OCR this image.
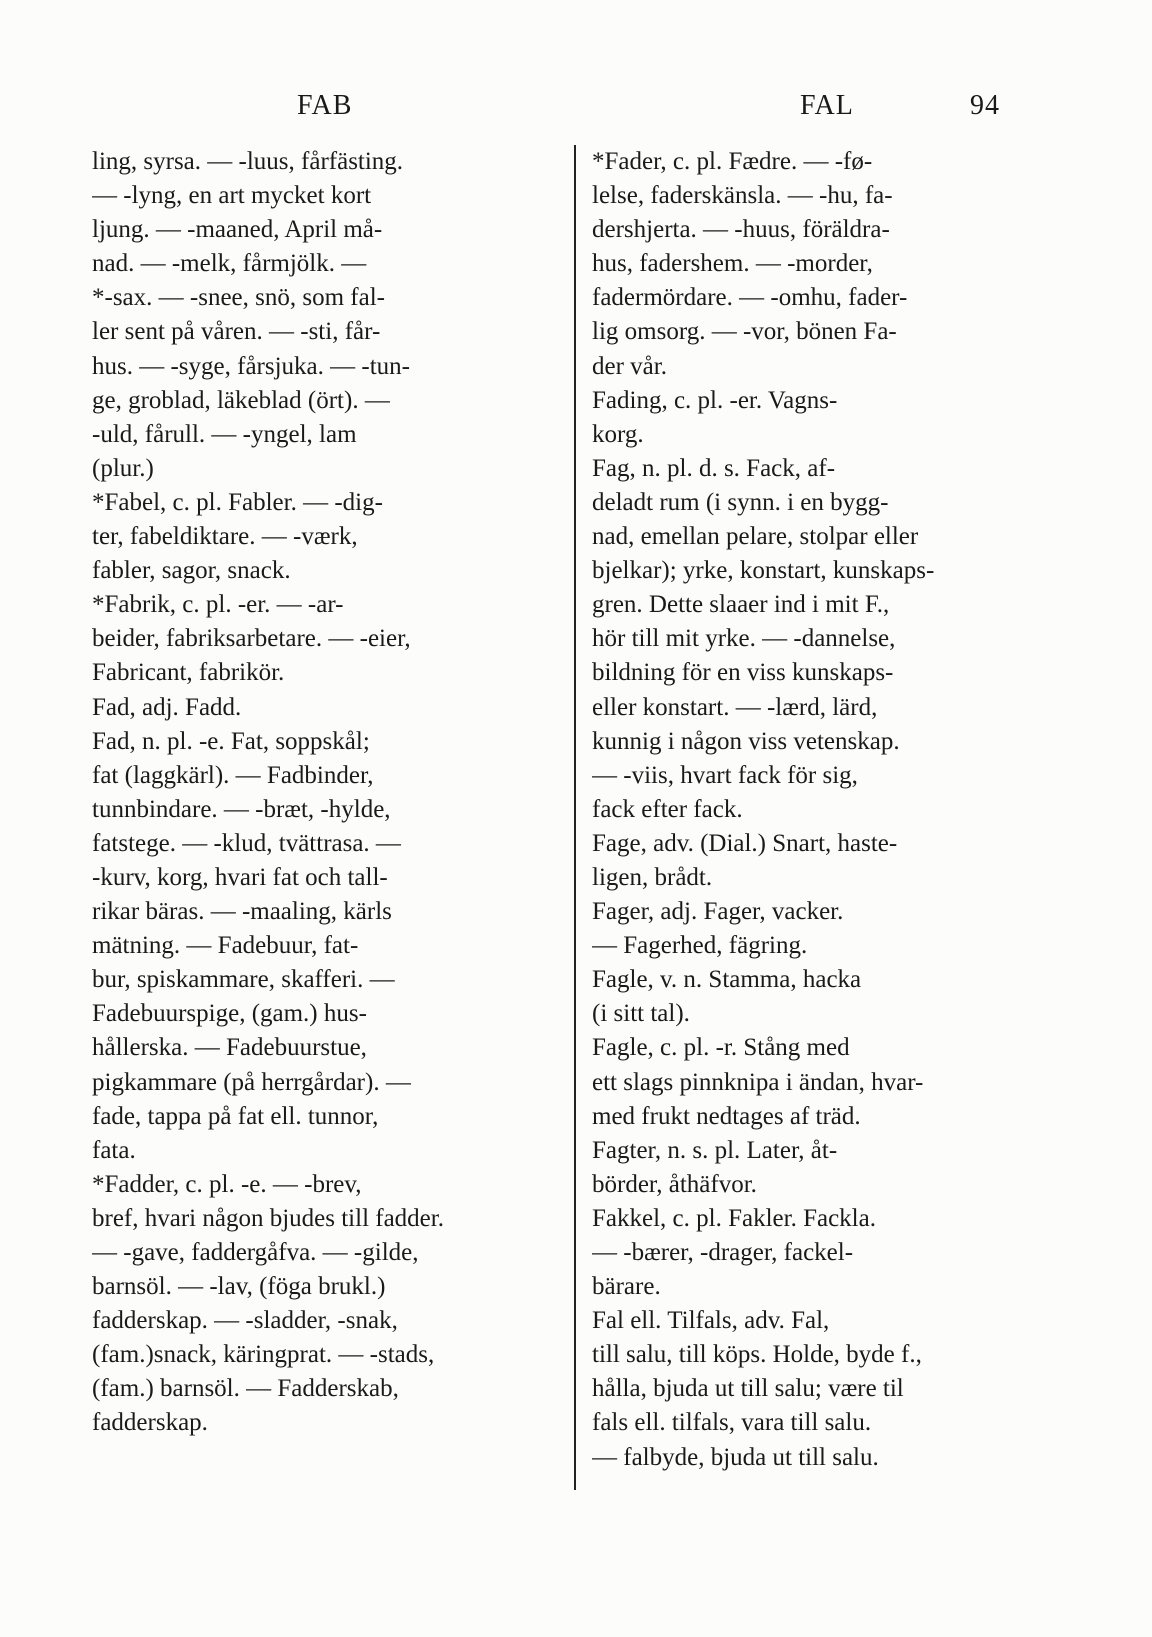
FAB	FAL	94
ling, syrsa. — -luus, fårfästing.
— -lyng, en art mycket kort
ljung. — -maaned, April må-
nad. — -melk, fårmjölk. —
*-sax. — -snee, snö, som fal-
ler sent på våren. — -sti, får-
hus. — -syge, fårsjuka. — -tun-
ge, groblad, läkeblad (ört). —
-uld, fårull. — -yngel, lam
(plur.)
*Fabel, c. pl. Fabler. — -dig-
ter, fabeldiktare. — -værk,
fabler, sagor, snack.
*Fabrik, c. pl. -er. — -ar-
beider, fabriksarbetare. — -eier,
Fabricant, fabrikör.
Fad, adj. Fadd.
Fad, n. pl. -e. Fat, soppskål;
fat (laggkärl). — Fadbinder,
tunnbindare. — -bræt, -hylde,
fatstege. — -klud, tvättrasa. —
-kurv, korg, hvari fat och tall-
rikar bäras. — -maaling, kärls
mätning. — Fadebuur, fat-
bur, spiskammare, skafferi. —
Fadebuurspige, (gam.) hus-
hållerska. — Fadebuurstue,
pigkammare (på herrgårdar). —
fade, tappa på fat ell. tunnor,
fata.
*Fadder, c. pl. -e. — -brev,
bref, hvari någon bjudes till fadder.
— -gave, faddergåfva. — -gilde,
barnsöl. — -lav, (föga brukl.)
fadderskap. — -sladder, -snak,
(fam.)snack, käringprat. — -stads,
(fam.) barnsöl. — Fadderskab,
fadderskap.
*Fader, c. pl. Fædre. — -fø-
lelse, faderskänsla. — -hu, fa-
dershjerta. — -huus, föräldra-
hus, fadershem. — -morder,
fadermördare. — -omhu, fader-
lig omsorg. — -vor, bönen Fa-
der vår.
Fading, c. pl. -er. Vagns-
korg.
Fag, n. pl. d. s. Fack, af-
deladt rum (i synn. i en bygg-
nad, emellan pelare, stolpar eller
bjelkar); yrke, konstart, kunskaps-
gren. Dette slaaer ind i mit F.,
hör till mit yrke. — -dannelse,
bildning för en viss kunskaps-
eller konstart. — -lærd, lärd,
kunnig i någon viss vetenskap.
— -viis, hvart fack för sig,
fack efter fack.
Fage, adv. (Dial.) Snart, haste-
ligen, brådt.
Fager, adj. Fager, vacker.
— Fagerhed, fägring.
Fagle, v. n. Stamma, hacka
(i sitt tal).
Fagle, c. pl. -r. Stång med
ett slags pinnknipa i ändan, hvar-
med frukt nedtages af träd.
Fagter, n. s. pl. Later, åt-
börder, åthäfvor.
Fakkel, c. pl. Fakler. Fackla.
— -bærer, -drager, fackel-
bärare.
Fal ell. Tilfals, adv. Fal,
till salu, till köps. Holde, byde f.,
hålla, bjuda ut till salu; være til
fals ell. tilfals, vara till salu.
— falbyde, bjuda ut till salu.
